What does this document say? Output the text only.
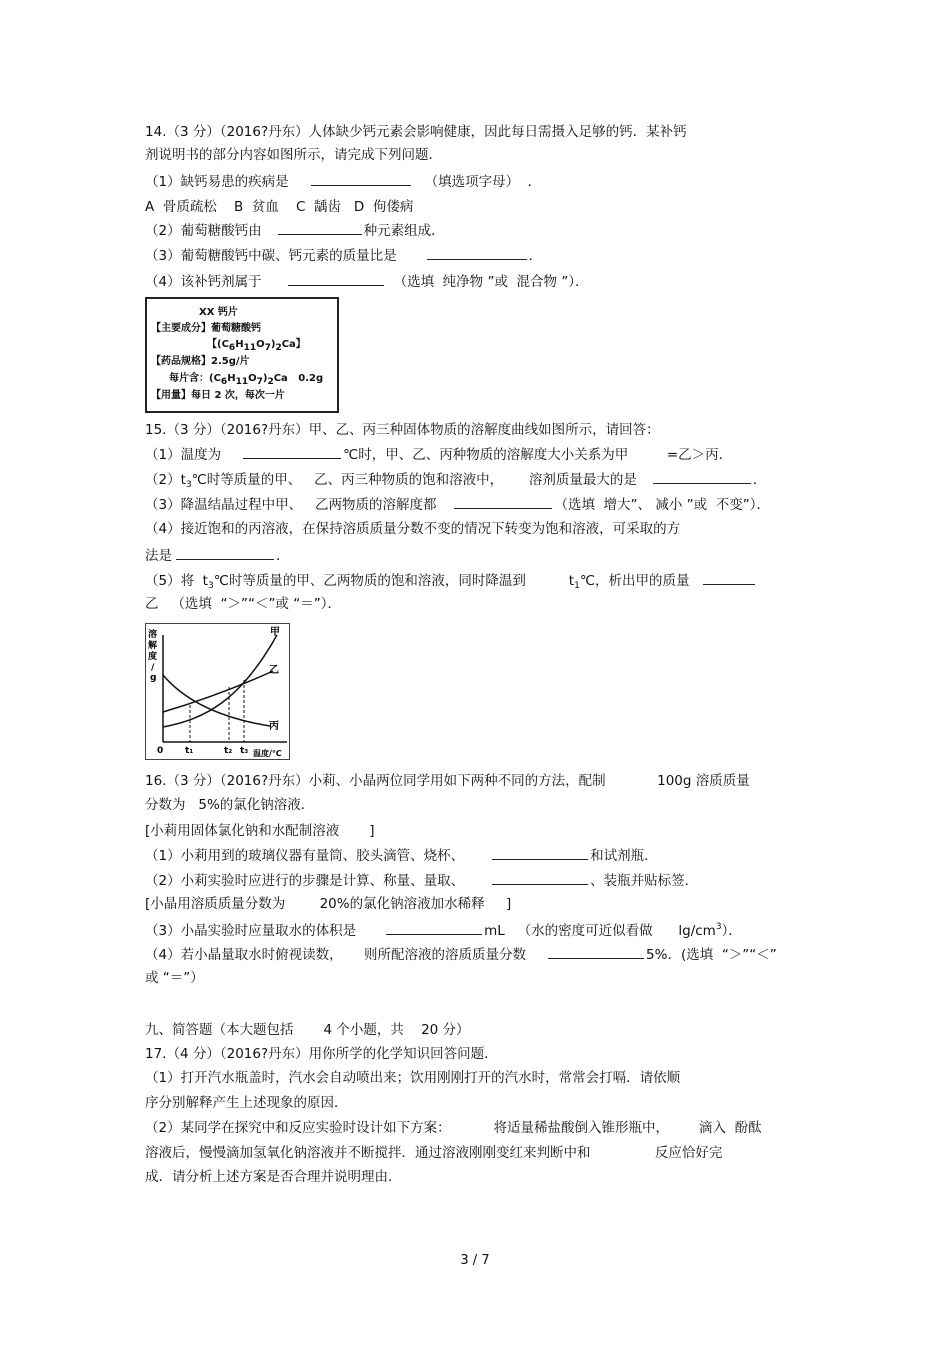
14.（3 分）（2016?丹东）人体缺少钙元素会影响健康，因此每日需摄入足够的钙．某补钙
剂说明书的部分内容如图所示，请完成下列问题．
（1）缺钙易患的疾病是	（填选项字母）  ．
A  骨质疏松    B  贫血    C  龋齿   D  佝偻病
（2）葡萄糖酸钙由	种元素组成．
（3）葡萄糖酸钙中碳、钙元素的质量比是	．
（4）该补钙剂属于	（选填  纯净物 ”或  混合物 ”）．
XX 钙片
【主要成分】葡萄糖酸钙
【(C6H11O7)2Ca】
【药品规格】2.5g/片
每片含：(C6H11O7)2Ca   0.2g
【用量】每日 2 次，每次一片
15.（3 分）（2016?丹东）甲、乙、丙三种固体物质的溶解度曲线如图所示，请回答：
（1）温度为	℃时，甲、乙、丙种物质的溶解度大小关系为甲         =乙＞丙．
$(2)t_3℃$时等质量的甲、   乙、丙三种物质的饱和溶液中，      溶剂质量最大的是	．
（3）降温结晶过程中甲、   乙两物质的溶解度都	（选填  增大”、 减小 ”或  不变”）．
（4）接近饱和的丙溶液，在保持溶质质量分数不变的情况下转变为饱和溶液，可采取的方
法是	．
（5）将  $t_3℃$时等质量的甲、乙两物质的饱和溶液，同时降温到          $t_1℃$，析出甲的质量
乙   （选填  “＞”“＜”或 “＝”）．
溶
解
度
/
g
0 t₁	t₂ t₃ 温度/℃
甲
乙
丙
16.（3 分）（2016?丹东）小莉、小晶两位同学用如下两种不同的方法，配制            100g 溶质质量
分数为   5%的氯化钠溶液．
[小莉用固体氯化钠和水配制溶液       ]
（1）小莉用到的玻璃仪器有量筒、胶头滴管、烧杯、	和试剂瓶．
（2）小莉实验时应进行的步骤是计算、称量、量取、	、装瓶并贴标签．
[小晶用溶质质量分数为        20%的氯化钠溶液加水稀释     ]
（3）小晶实验时应量取水的体积是	mL   （水的密度可近似看做      $\lg/cm^3$）．
（4）若小晶量取水时俯视读数，     则所配溶液的溶质质量分数	5%．(选填  “＞”“＜”
或 “＝”）
九、简答题（本大题包括       4 个小题，共    20 分）
17.（4 分）（2016?丹东）用你所学的化学知识回答问题．
（1）打开汽水瓶盖时，汽水会自动喷出来；饮用刚刚打开的汽水时，常常会打嗝．请依顺
序分别解释产生上述现象的原因．
（2）某同学在探究中和反应实验时设计如下方案：          将适量稀盐酸倒入锥形瓶中，       滴入  酚酞
溶液后，慢慢滴加氢氧化钠溶液并不断搅拌．通过溶液刚刚变红来判断中和               反应恰好完
成．请分析上述方案是否合理并说明理由．
3 / 7
